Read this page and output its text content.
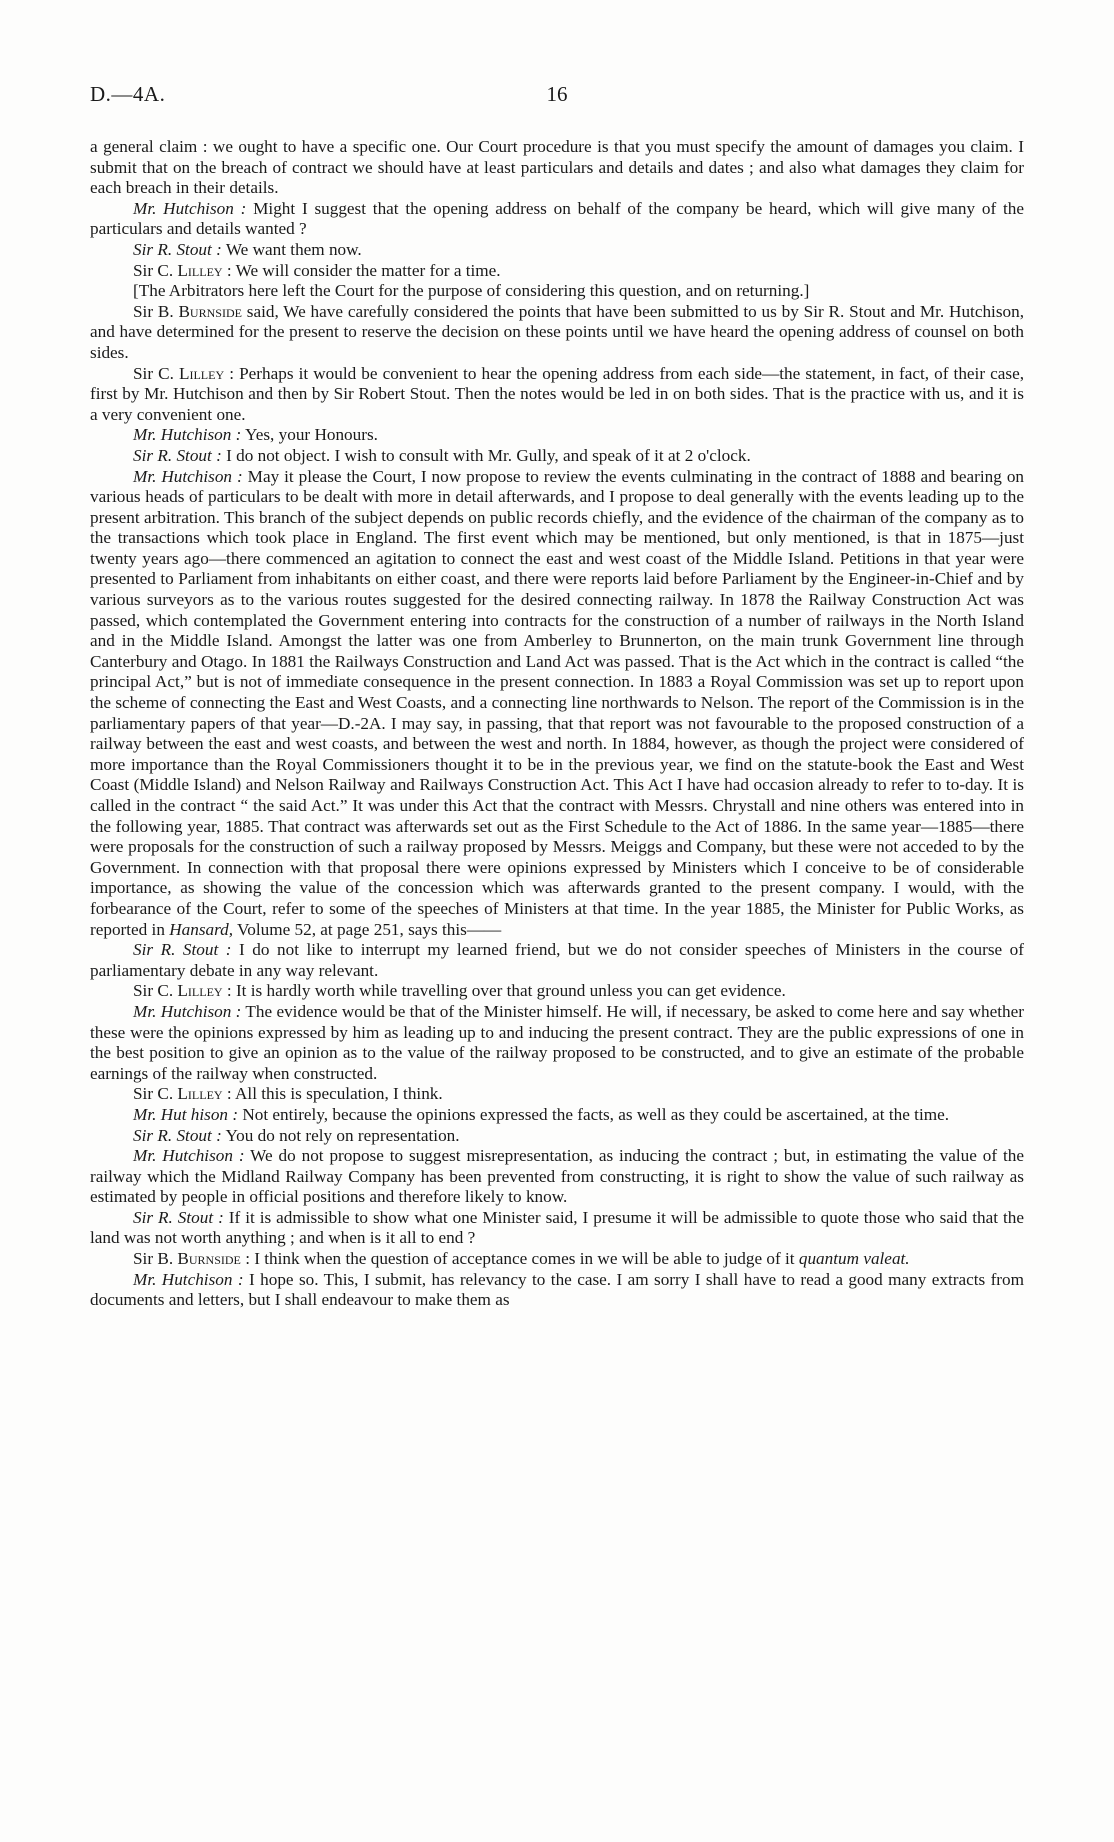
D.—4A.	16

a general claim : we ought to have a specific one. Our Court procedure is that you must specify the amount of damages you claim. I submit that on the breach of contract we should have at least particulars and details and dates ; and also what damages they claim for each breach in their details.

Mr. Hutchison : Might I suggest that the opening address on behalf of the company be heard, which will give many of the particulars and details wanted ?

Sir R. Stout : We want them now.

Sir C. Lilley : We will consider the matter for a time.

[The Arbitrators here left the Court for the purpose of considering this question, and on returning.]

Sir B. Burnside said, We have carefully considered the points that have been submitted to us by Sir R. Stout and Mr. Hutchison, and have determined for the present to reserve the decision on these points until we have heard the opening address of counsel on both sides.

Sir C. Lilley : Perhaps it would be convenient to hear the opening address from each side—the statement, in fact, of their case, first by Mr. Hutchison and then by Sir Robert Stout. Then the notes would be led in on both sides. That is the practice with us, and it is a very convenient one.

Mr. Hutchison : Yes, your Honours.

Sir R. Stout : I do not object. I wish to consult with Mr. Gully, and speak of it at 2 o'clock.

Mr. Hutchison : May it please the Court, I now propose to review the events culminating in the contract of 1888 and bearing on various heads of particulars to be dealt with more in detail afterwards, and I propose to deal generally with the events leading up to the present arbitration. This branch of the subject depends on public records chiefly, and the evidence of the chairman of the company as to the transactions which took place in England. The first event which may be mentioned, but only mentioned, is that in 1875—just twenty years ago—there commenced an agitation to connect the east and west coast of the Middle Island. Petitions in that year were presented to Parliament from inhabitants on either coast, and there were reports laid before Parliament by the Engineer-in-Chief and by various surveyors as to the various routes suggested for the desired connecting railway. In 1878 the Railway Construction Act was passed, which contemplated the Government entering into contracts for the construction of a number of railways in the North Island and in the Middle Island. Amongst the latter was one from Amberley to Brunnerton, on the main trunk Government line through Canterbury and Otago. In 1881 the Railways Construction and Land Act was passed. That is the Act which in the contract is called “the principal Act,” but is not of immediate consequence in the present connection. In 1883 a Royal Commission was set up to report upon the scheme of connecting the East and West Coasts, and a connecting line northwards to Nelson. The report of the Commission is in the parliamentary papers of that year—D.-2A. I may say, in passing, that that report was not favourable to the proposed construction of a railway between the east and west coasts, and between the west and north. In 1884, however, as though the project were considered of more importance than the Royal Commissioners thought it to be in the previous year, we find on the statute-book the East and West Coast (Middle Island) and Nelson Railway and Railways Construction Act. This Act I have had occasion already to refer to to-day. It is called in the contract “ the said Act.” It was under this Act that the contract with Messrs. Chrystall and nine others was entered into in the following year, 1885. That contract was afterwards set out as the First Schedule to the Act of 1886. In the same year—1885—there were proposals for the construction of such a railway proposed by Messrs. Meiggs and Company, but these were not acceded to by the Government. In connection with that proposal there were opinions expressed by Ministers which I conceive to be of considerable importance, as showing the value of the concession which was afterwards granted to the present company. I would, with the forbearance of the Court, refer to some of the speeches of Ministers at that time. In the year 1885, the Minister for Public Works, as reported in Hansard, Volume 52, at page 251, says this——

Sir R. Stout : I do not like to interrupt my learned friend, but we do not consider speeches of Ministers in the course of parliamentary debate in any way relevant.

Sir C. Lilley : It is hardly worth while travelling over that ground unless you can get evidence.

Mr. Hutchison : The evidence would be that of the Minister himself. He will, if necessary, be asked to come here and say whether these were the opinions expressed by him as leading up to and inducing the present contract. They are the public expressions of one in the best position to give an opinion as to the value of the railway proposed to be constructed, and to give an estimate of the probable earnings of the railway when constructed.

Sir C. Lilley : All this is speculation, I think.

Mr. Hut hison : Not entirely, because the opinions expressed the facts, as well as they could be ascertained, at the time.

Sir R. Stout : You do not rely on representation.

Mr. Hutchison : We do not propose to suggest misrepresentation, as inducing the contract ; but, in estimating the value of the railway which the Midland Railway Company has been prevented from constructing, it is right to show the value of such railway as estimated by people in official positions and therefore likely to know.

Sir R. Stout : If it is admissible to show what one Minister said, I presume it will be admissible to quote those who said that the land was not worth anything ; and when is it all to end ?

Sir B. Burnside : I think when the question of acceptance comes in we will be able to judge of it quantum valeat.

Mr. Hutchison : I hope so. This, I submit, has relevancy to the case. I am sorry I shall have to read a good many extracts from documents and letters, but I shall endeavour to make them as
